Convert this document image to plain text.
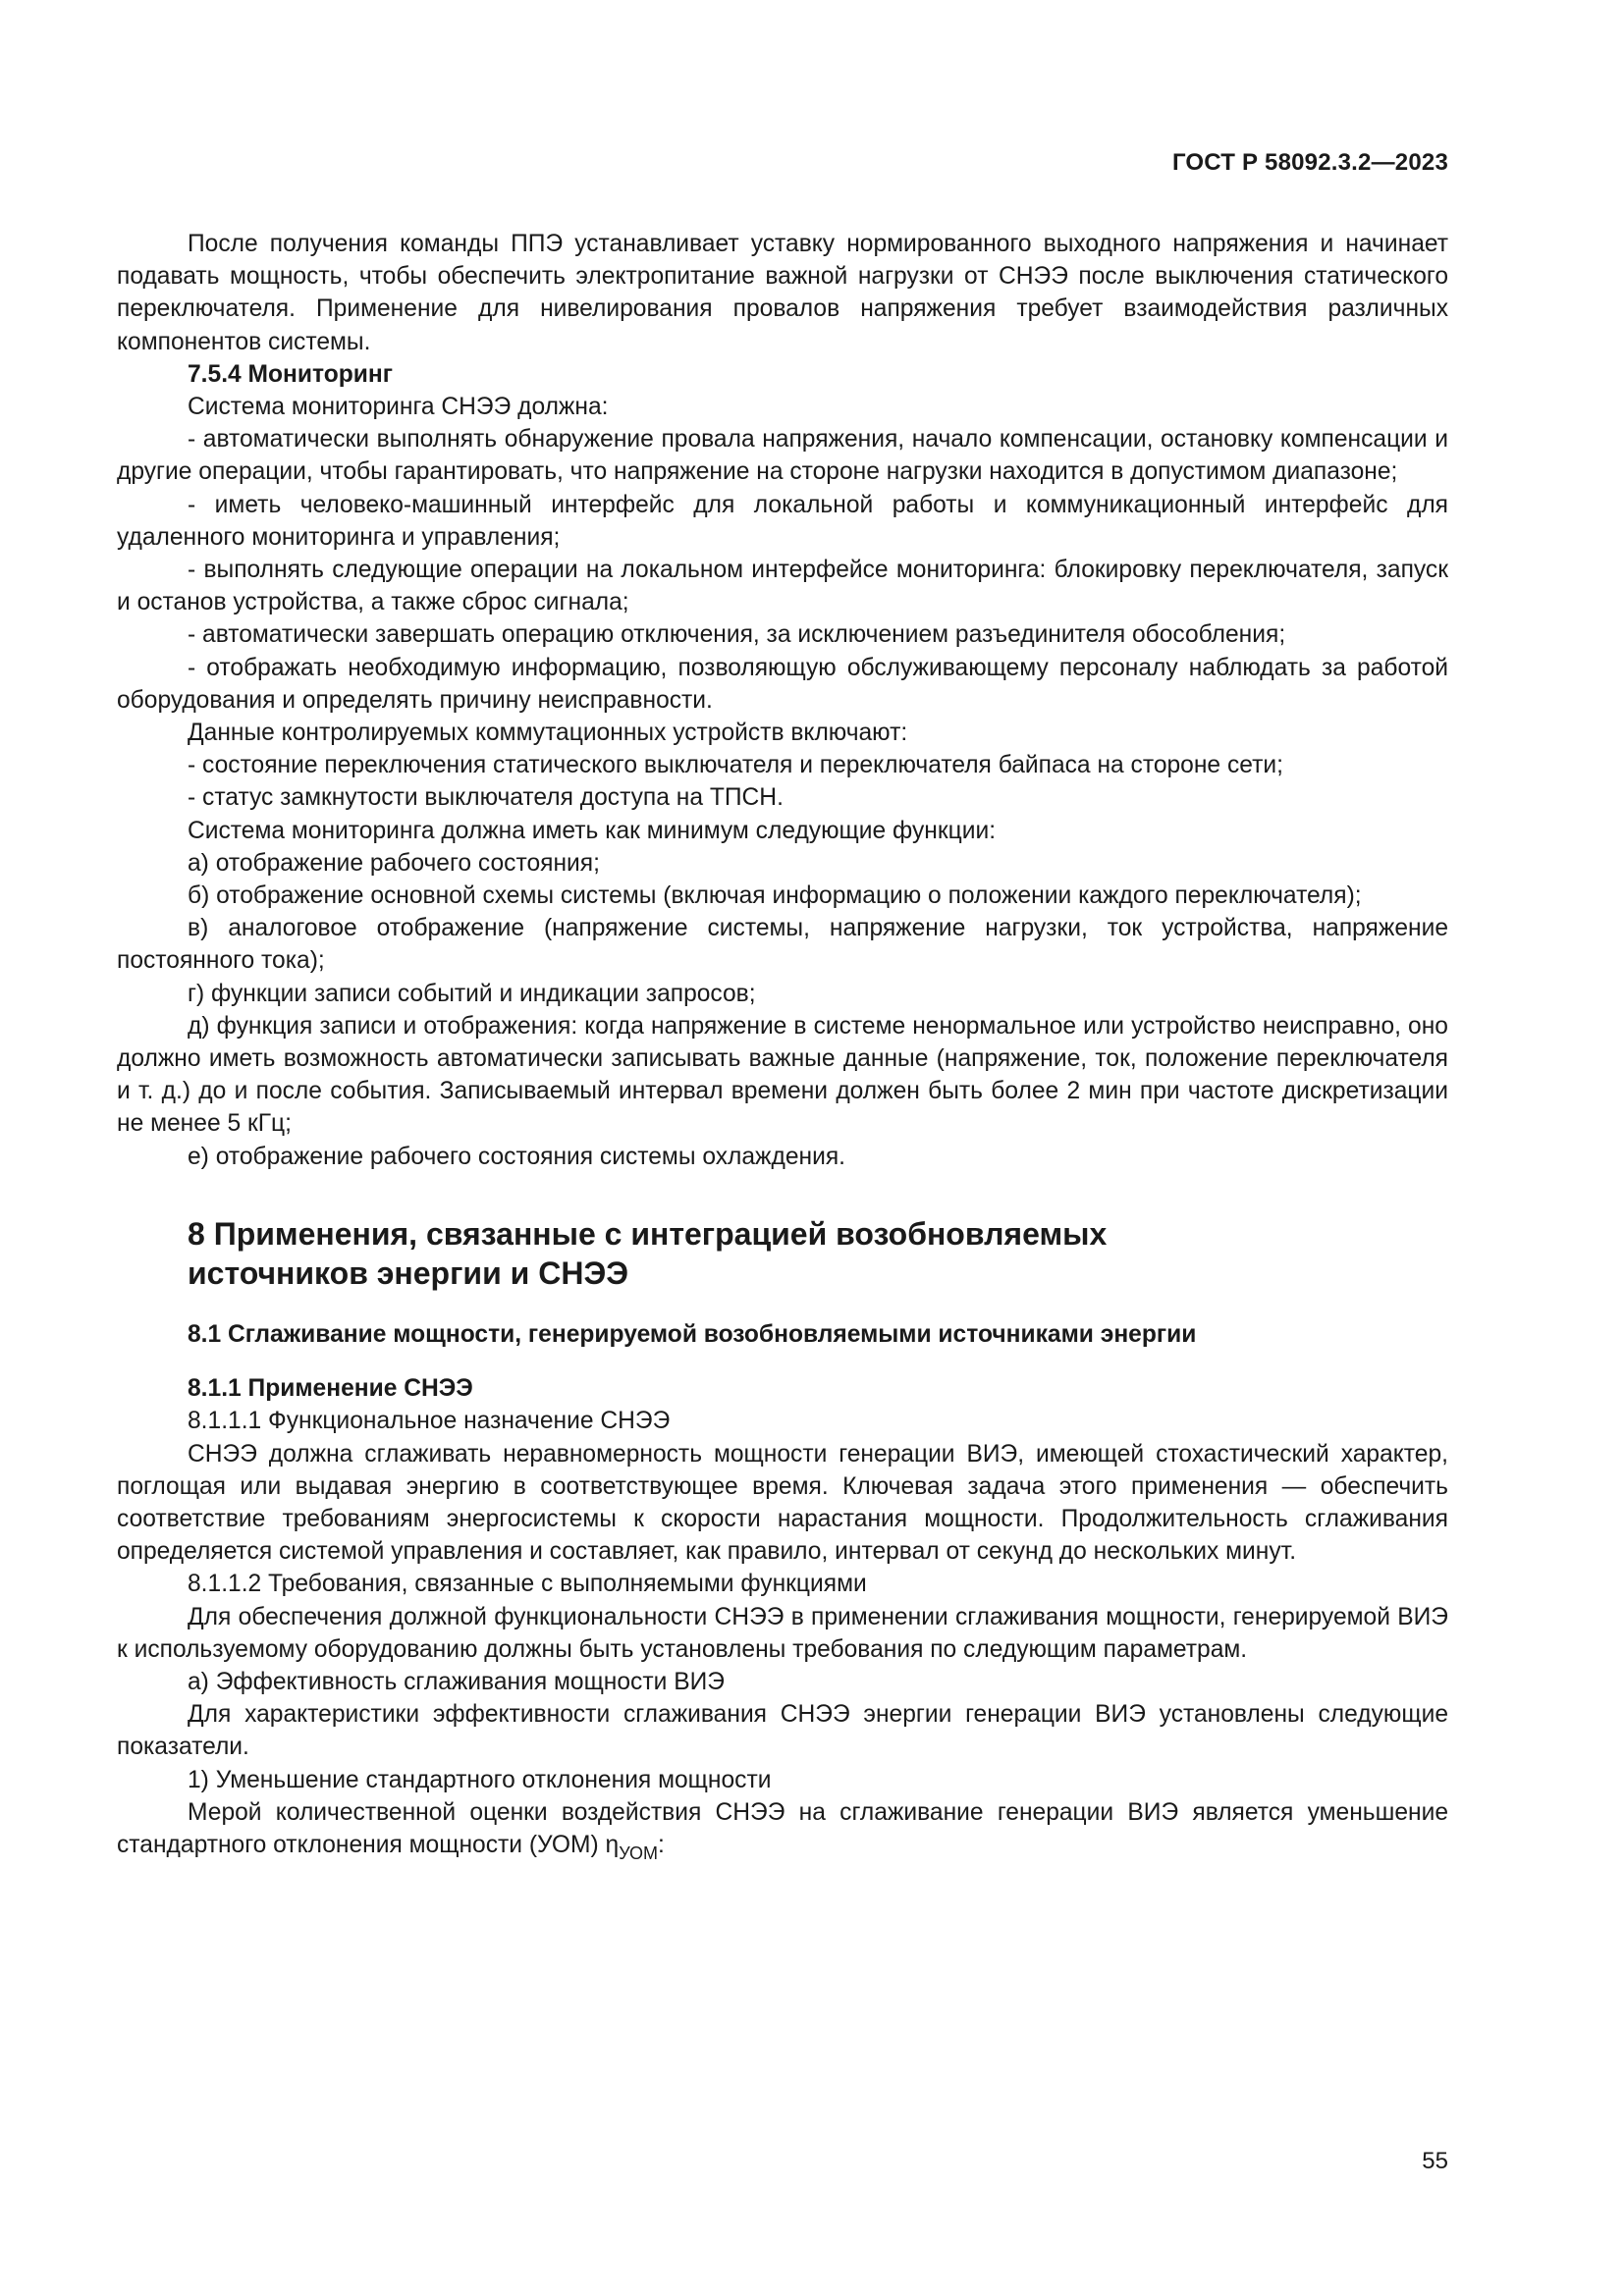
ГОСТ Р 58092.3.2—2023

После получения команды ППЭ устанавливает уставку нормированного выходного напряжения и начинает подавать мощность, чтобы обеспечить электропитание важной нагрузки от СНЭЭ после выключения статического переключателя. Применение для нивелирования провалов напряжения требует взаимодействия различных компонентов системы.

7.5.4 Мониторинг

Система мониторинга СНЭЭ должна:

- автоматически выполнять обнаружение провала напряжения, начало компенсации, остановку компенсации и другие операции, чтобы гарантировать, что напряжение на стороне нагрузки находится в допустимом диапазоне;

- иметь человеко-машинный интерфейс для локальной работы и коммуникационный интерфейс для удаленного мониторинга и управления;

- выполнять следующие операции на локальном интерфейсе мониторинга: блокировку переключателя, запуск и останов устройства, а также сброс сигнала;

- автоматически завершать операцию отключения, за исключением разъединителя обособления;

- отображать необходимую информацию, позволяющую обслуживающему персоналу наблюдать за работой оборудования и определять причину неисправности.

Данные контролируемых коммутационных устройств включают:

- состояние переключения статического выключателя и переключателя байпаса на стороне сети;

- статус замкнутости выключателя доступа на ТПСН.

Система мониторинга должна иметь как минимум следующие функции:

а) отображение рабочего состояния;

б) отображение основной схемы системы (включая информацию о положении каждого переключателя);

в) аналоговое отображение (напряжение системы, напряжение нагрузки, ток устройства, напряжение постоянного тока);

г) функции записи событий и индикации запросов;

д) функция записи и отображения: когда напряжение в системе ненормальное или устройство неисправно, оно должно иметь возможность автоматически записывать важные данные (напряжение, ток, положение переключателя и т. д.) до и после события. Записываемый интервал времени должен быть более 2 мин при частоте дискретизации не менее 5 кГц;

е) отображение рабочего состояния системы охлаждения.

8 Применения, связанные с интеграцией возобновляемых
источников энергии и СНЭЭ
8.1 Сглаживание мощности, генерируемой возобновляемыми источниками энергии

8.1.1 Применение СНЭЭ

8.1.1.1 Функциональное назначение СНЭЭ

СНЭЭ должна сглаживать неравномерность мощности генерации ВИЭ, имеющей стохастический характер, поглощая или выдавая энергию в соответствующее время. Ключевая задача этого применения — обеспечить соответствие требованиям энергосистемы к скорости нарастания мощности. Продолжительность сглаживания определяется системой управления и составляет, как правило, интервал от секунд до нескольких минут.

8.1.1.2 Требования, связанные с выполняемыми функциями

Для обеспечения должной функциональности СНЭЭ в применении сглаживания мощности, генерируемой ВИЭ к используемому оборудованию должны быть установлены требования по следующим параметрам.

а) Эффективность сглаживания мощности ВИЭ

Для характеристики эффективности сглаживания СНЭЭ энергии генерации ВИЭ установлены следующие показатели.

1) Уменьшение стандартного отклонения мощности

Мерой количественной оценки воздействия СНЭЭ на сглаживание генерации ВИЭ является уменьшение стандартного отклонения мощности (УОМ) $\eta_{УОМ}$:

55
